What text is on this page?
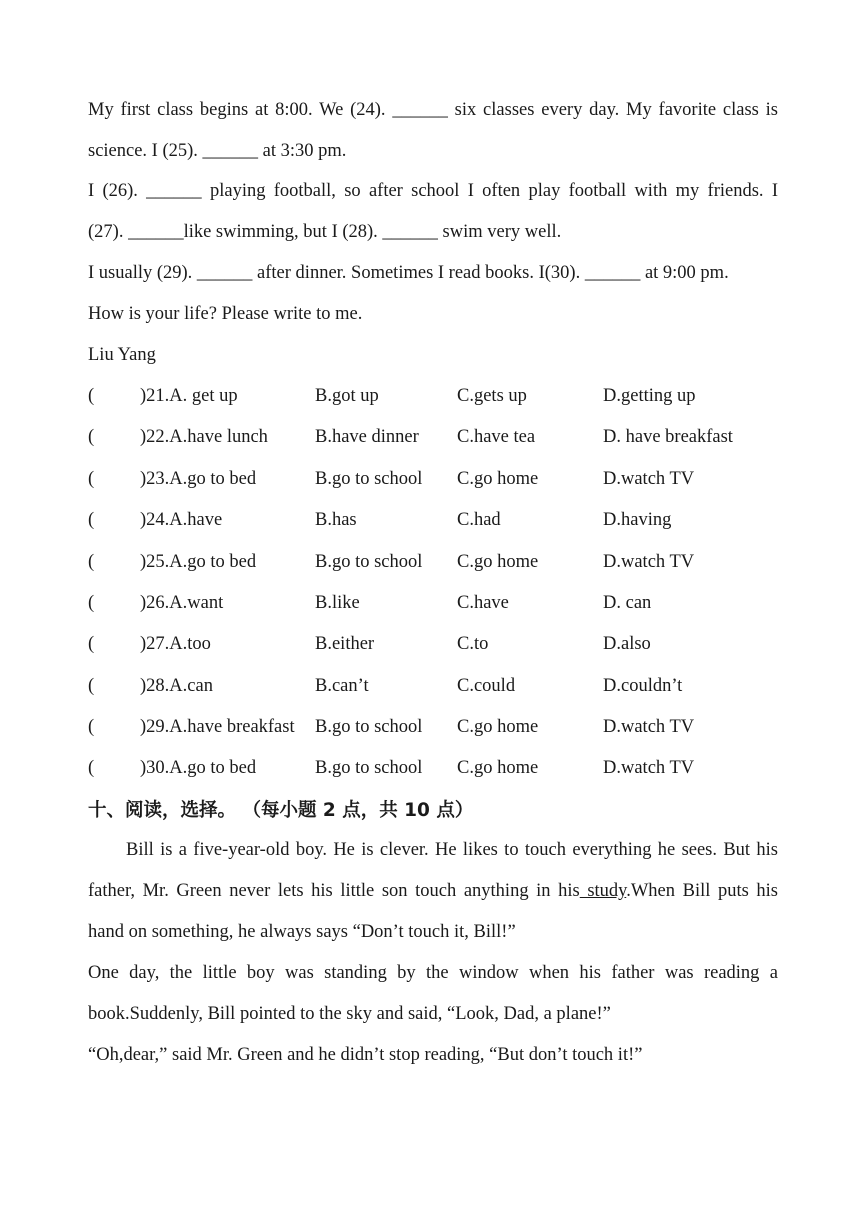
My first class begins at 8:00. We (24). ______ six classes every day. My favorite class is
science. I (25). ______ at 3:30 pm.
I (26). ______ playing football, so after school I often play football with my friends. I
(27). ______like swimming, but I (28). ______ swim very well.
I usually (29). ______ after dinner. Sometimes I read books. I(30). ______ at 9:00 pm.
How is your life? Please write to me.
Liu Yang
( )21.A. get up	B.got up	C.gets up	D.getting up
( )22.A.have lunch	B.have dinner C.have tea	D. have breakfast
( )23.A.go to bed	B.go to school C.go home	D.watch TV
( )24.A.have	B.has	C.had	D.having
( )25.A.go to bed	B.go to school C.go home	D.watch TV
( )26.A.want	B.like	C.have	D. can
( )27.A.too	B.either	C.to	D.also
( )28.A.can	B.can’t	C.could	D.couldn’t
( )29.A.have breakfast B.go to school C.go home	D.watch TV
( )30.A.go to bed	B.go to school C.go home	D.watch TV
十、阅读，选择。 （每小题 2 点，共 10 点）
Bill is a five-year-old boy. He is clever. He likes to touch everything he sees. But his
father, Mr. Green never lets his little son touch anything in his study.When Bill puts his
hand on something, he always says “Don’t touch it, Bill!”
One day, the little boy was standing by the window when his father was reading a
book.Suddenly, Bill pointed to the sky and said, “Look, Dad, a plane!”
“Oh,dear,” said Mr. Green and he didn’t stop reading, “But don’t touch it!”
